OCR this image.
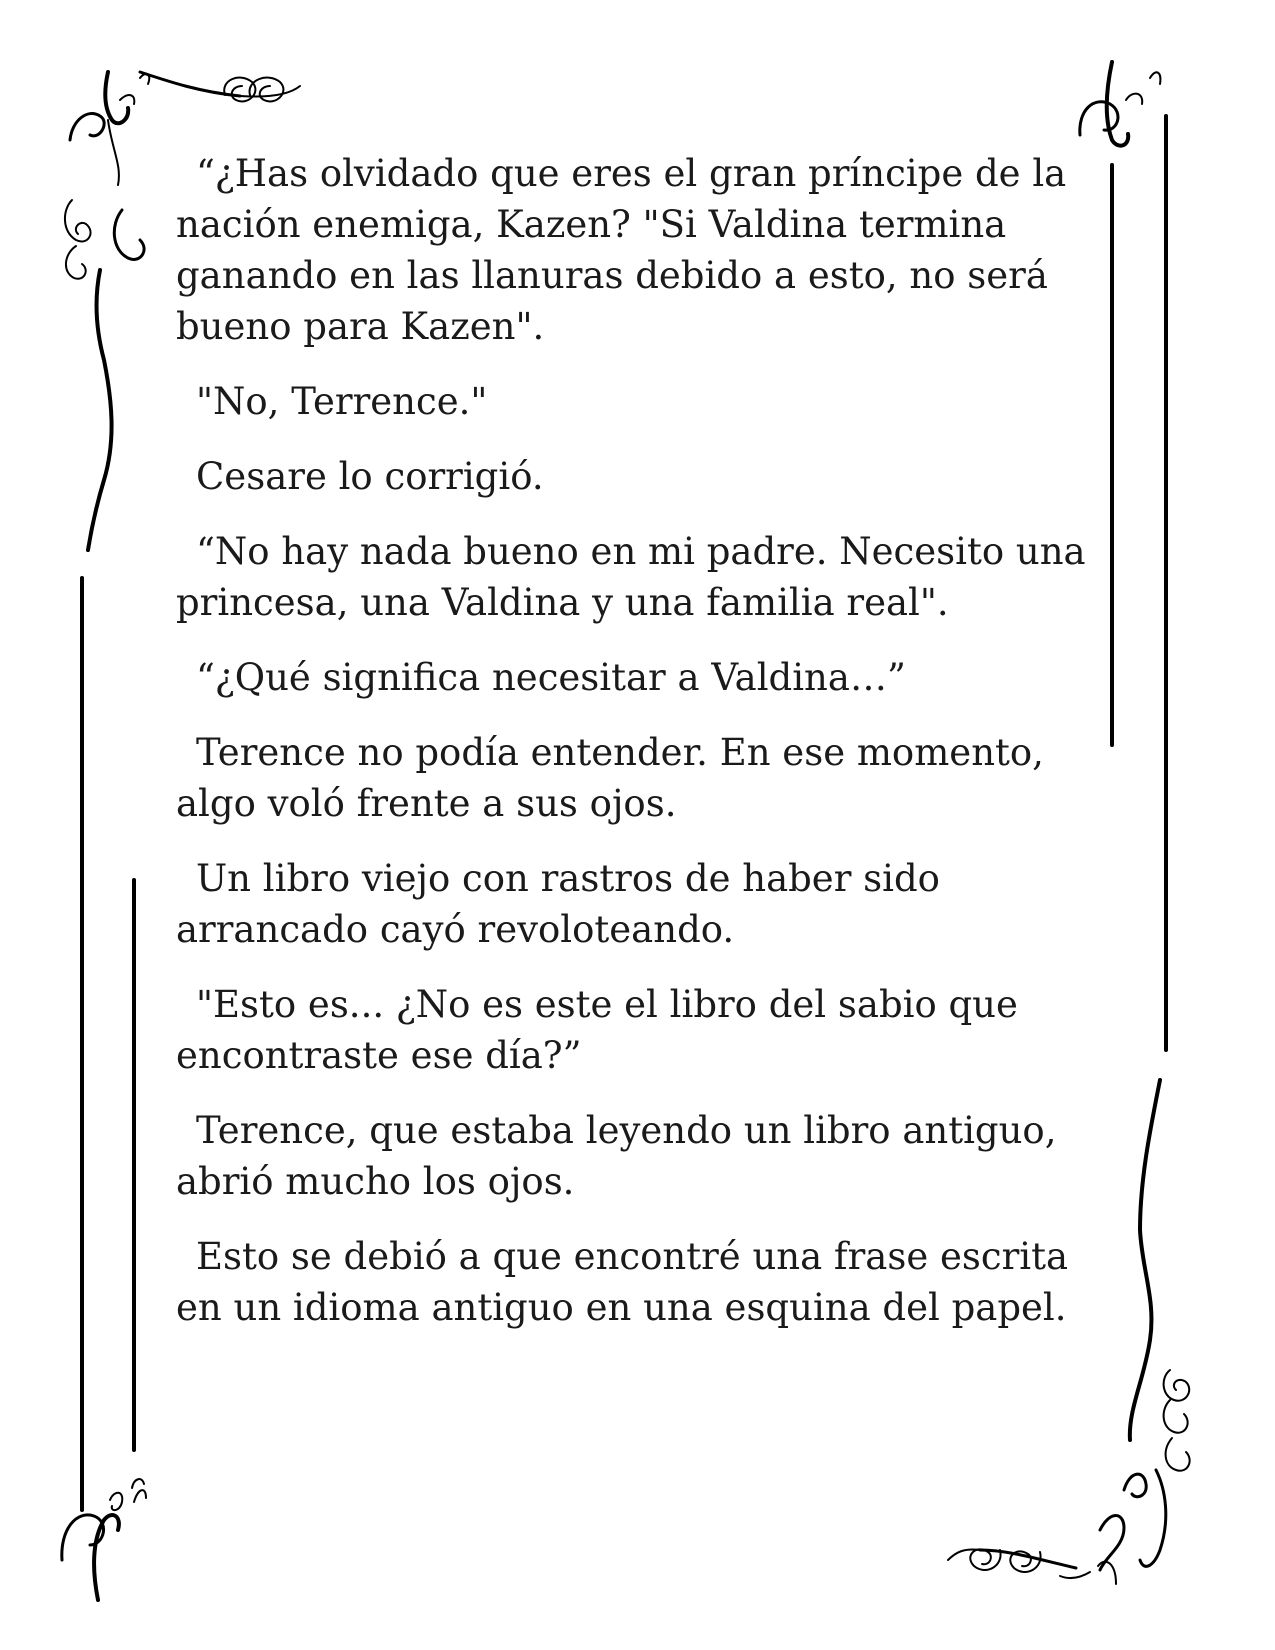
“¿Has olvidado que eres el gran príncipe de la nación enemiga, Kazen? "Si Valdina termina ganando en las llanuras debido a esto, no será bueno para Kazen".

"No, Terrence."

Cesare lo corrigió.

“No hay nada bueno en mi padre. Necesito una princesa, una Valdina y una familia real".

“¿Qué significa necesitar a Valdina…”

Terence no podía entender. En ese momento, algo voló frente a sus ojos.

Un libro viejo con rastros de haber sido arrancado cayó revoloteando.

"Esto es... ¿No es este el libro del sabio que encontraste ese día?”

Terence, que estaba leyendo un libro antiguo, abrió mucho los ojos.

Esto se debió a que encontré una frase escrita en un idioma antiguo en una esquina del papel.
